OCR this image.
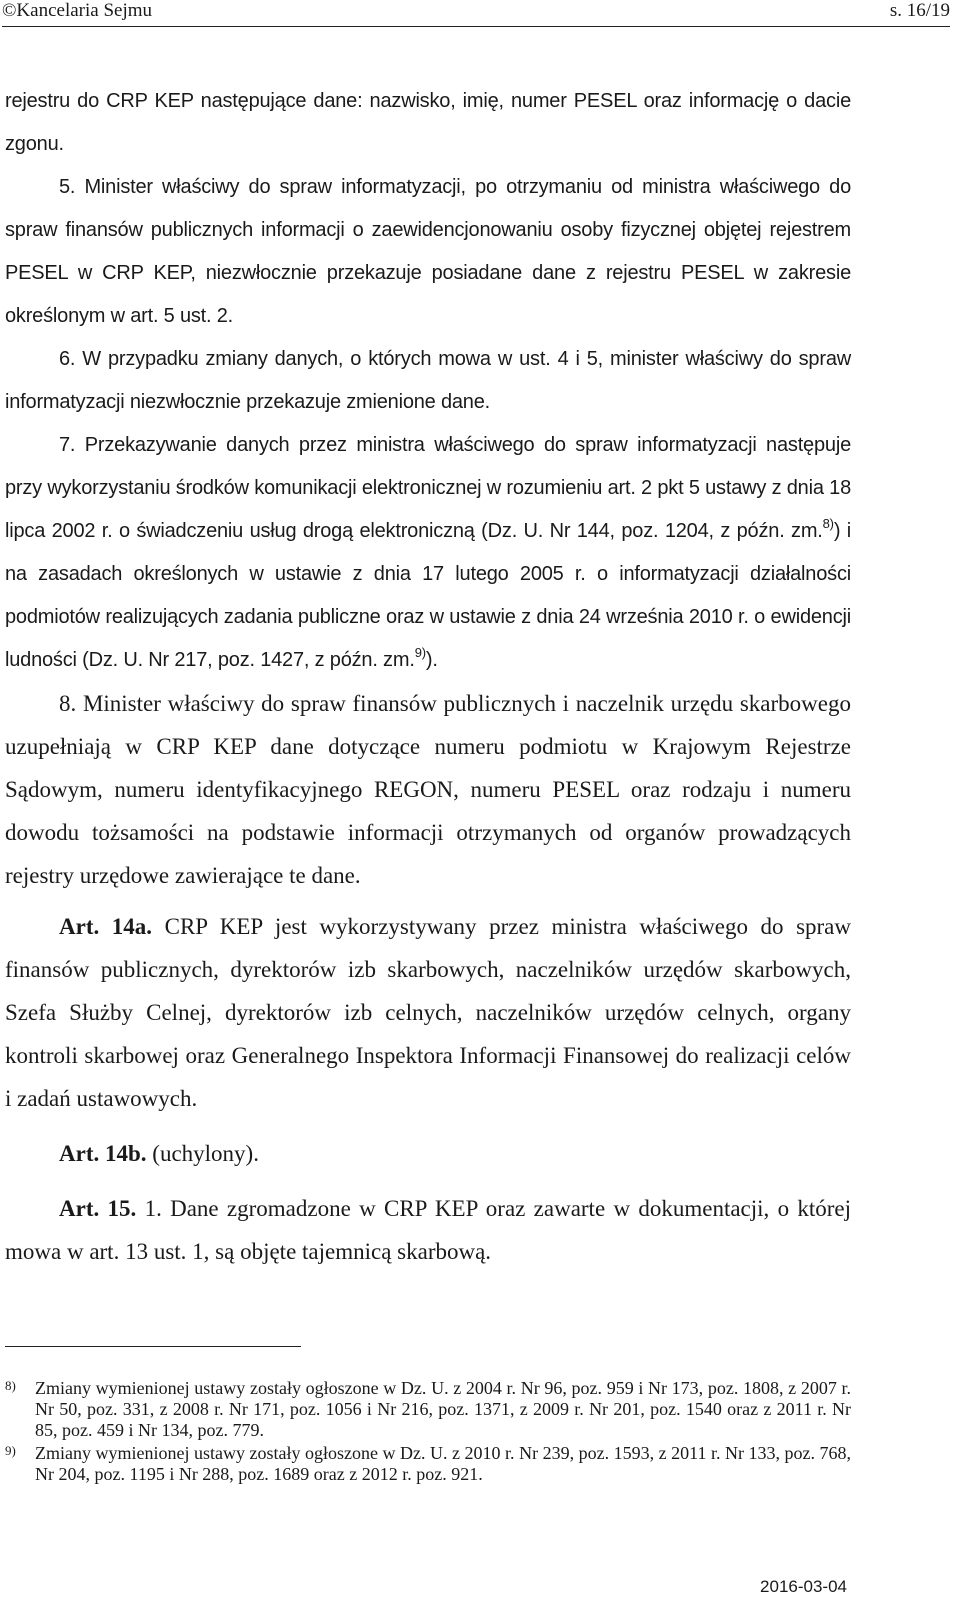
©Kancelaria Sejmu	s. 16/19

rejestru do CRP KEP następujące dane: nazwisko, imię, numer PESEL oraz informację o dacie zgonu.

5. Minister właściwy do spraw informatyzacji, po otrzymaniu od ministra właściwego do spraw finansów publicznych informacji o zaewidencjonowaniu osoby fizycznej objętej rejestrem PESEL w CRP KEP, niezwłocznie przekazuje posiadane dane z rejestru PESEL w zakresie określonym w art. 5 ust. 2.

6. W przypadku zmiany danych, o których mowa w ust. 4 i 5, minister właściwy do spraw informatyzacji niezwłocznie przekazuje zmienione dane.

7. Przekazywanie danych przez ministra właściwego do spraw informatyzacji następuje przy wykorzystaniu środków komunikacji elektronicznej w rozumieniu art. 2 pkt 5 ustawy z dnia 18 lipca 2002 r. o świadczeniu usług drogą elektroniczną (Dz. U. Nr 144, poz. 1204, z późn. zm.$^{8)}$) i na zasadach określonych w ustawie z dnia 17 lutego 2005 r. o informatyzacji działalności podmiotów realizujących zadania publiczne oraz w ustawie z dnia 24 września 2010 r. o ewidencji ludności (Dz. U. Nr 217, poz. 1427, z późn. zm.$^{9)}$).

8. Minister właściwy do spraw finansów publicznych i naczelnik urzędu skarbowego uzupełniają w CRP KEP dane dotyczące numeru podmiotu w Krajowym Rejestrze Sądowym, numeru identyfikacyjnego REGON, numeru PESEL oraz rodzaju i numeru dowodu tożsamości na podstawie informacji otrzymanych od organów prowadzących rejestry urzędowe zawierające te dane.

Art. 14a. CRP KEP jest wykorzystywany przez ministra właściwego do spraw finansów publicznych, dyrektorów izb skarbowych, naczelników urzędów skarbowych, Szefa Służby Celnej, dyrektorów izb celnych, naczelników urzędów celnych, organy kontroli skarbowej oraz Generalnego Inspektora Informacji Finansowej do realizacji celów i zadań ustawowych.

Art. 14b. (uchylony).

Art. 15. 1. Dane zgromadzone w CRP KEP oraz zawarte w dokumentacji, o której mowa w art. 13 ust. 1, są objęte tajemnicą skarbową.

8) Zmiany wymienionej ustawy zostały ogłoszone w Dz. U. z 2004 r. Nr 96, poz. 959 i Nr 173, poz. 1808, z 2007 r. Nr 50, poz. 331, z 2008 r. Nr 171, poz. 1056 i Nr 216, poz. 1371, z 2009 r. Nr 201, poz. 1540 oraz z 2011 r. Nr 85, poz. 459 i Nr 134, poz. 779.
9) Zmiany wymienionej ustawy zostały ogłoszone w Dz. U. z 2010 r. Nr 239, poz. 1593, z 2011 r. Nr 133, poz. 768, Nr 204, poz. 1195 i Nr 288, poz. 1689 oraz z 2012 r. poz. 921.
2016-03-04
